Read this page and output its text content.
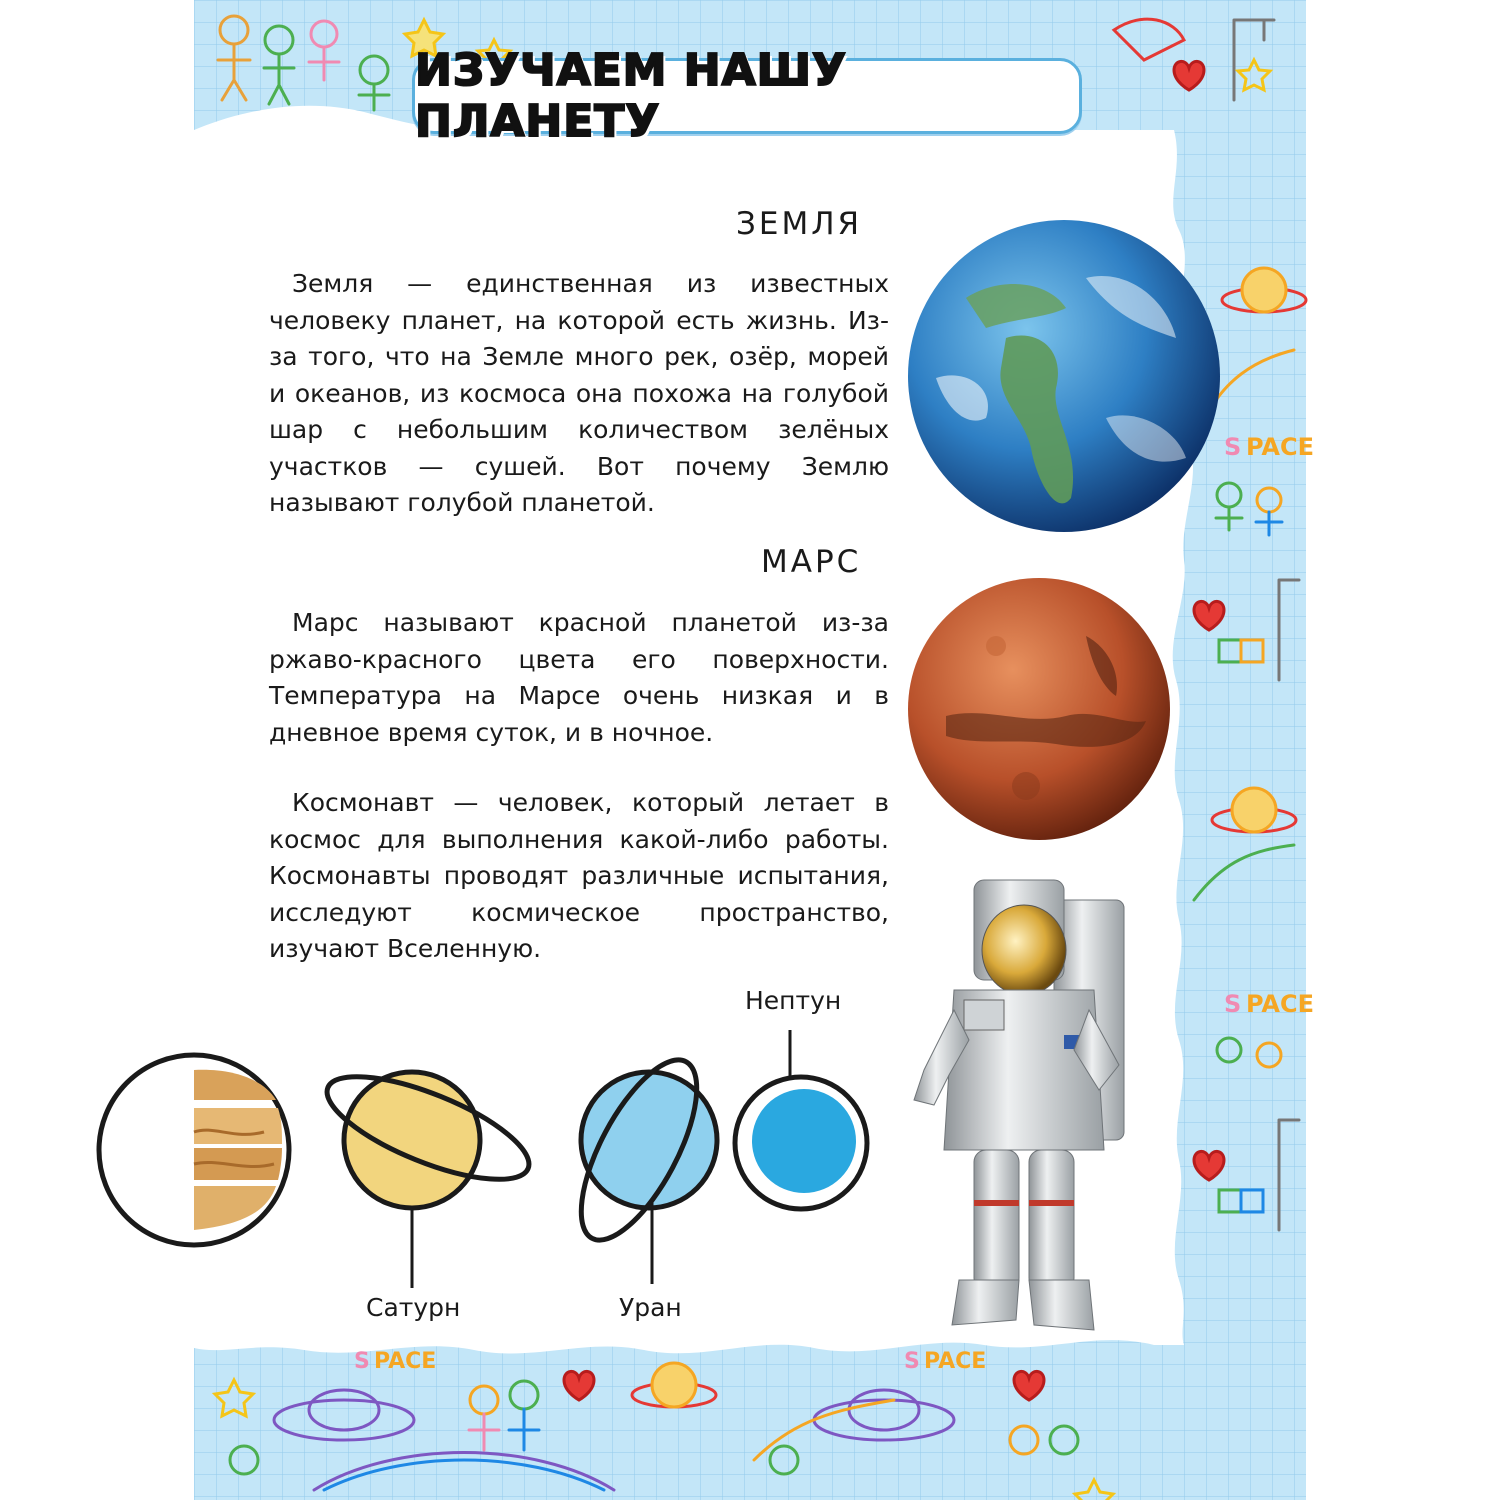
S PACE
S PACE
S PACE	S PACE
ИЗУЧАЕМ НАШУ ПЛАНЕТУ
ЗЕМЛЯ
Земля — единственная из известных человеку планет, на которой есть жизнь. Из-за того, что на Земле много рек, озёр, морей и океанов, из космоса она похожа на голубой шар с небольшим количеством зелёных участков — сушей. Вот почему Землю называют голубой планетой.
МАРС
Марс называют красной планетой из-за ржаво-красного цвета его поверхности. Температура на Марсе очень низкая и в дневное время суток, и в ночное.
Космонавт — человек, который летает в космос для выполнения какой-либо работы. Космонавты проводят различные испытания, исследуют космическое пространство, изучают Вселенную.
Нептун
Сатурн	Уран
